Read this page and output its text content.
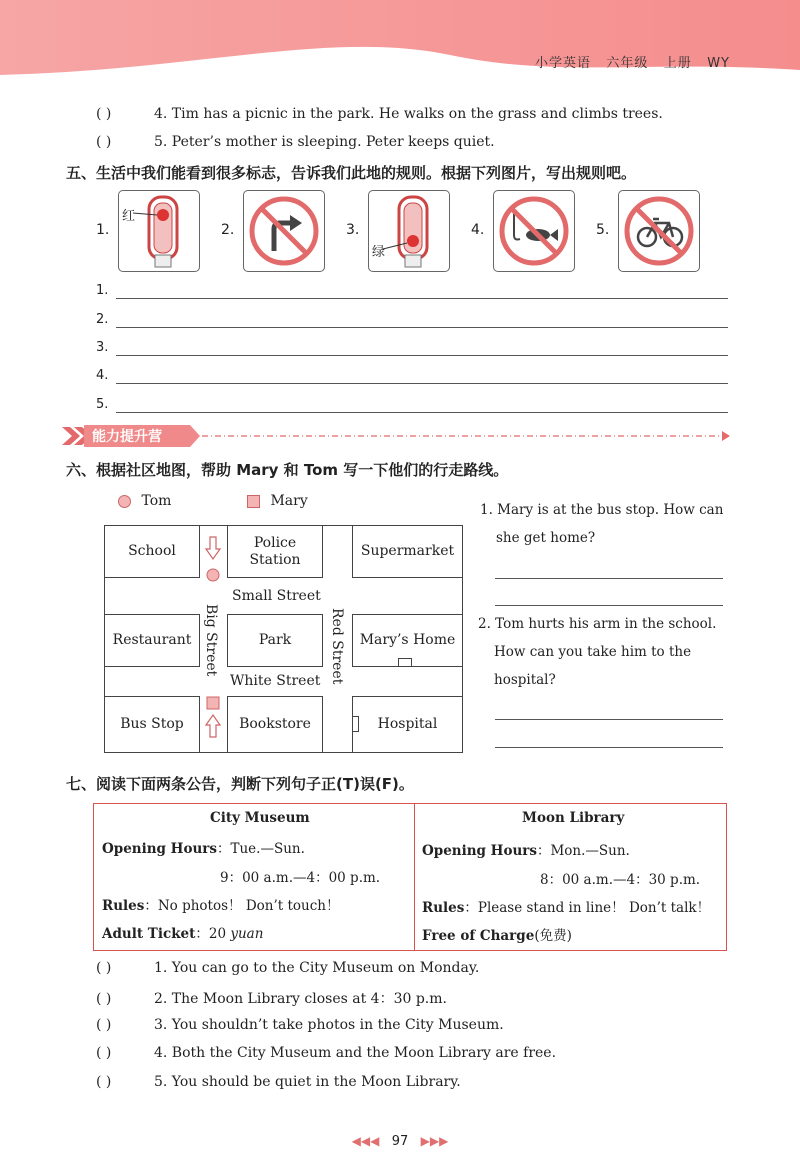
小学英语 六年级 上册 WY
( )	4. Tim has a picnic in the park. He walks on the grass and climbs trees.
( )	5. Peter’s mother is sleeping. Peter keeps quiet.
五、生活中我们能看到很多标志，告诉我们此地的规则。根据下列图片，写出规则吧。
1.
红
2.	3.
绿
4.	5.
1.
2.
3.
4.
5.
能力提升营
六、根据社区地图，帮助 Mary 和 Tom 写一下他们的行走路线。
Tom	Mary
School
Police
Station
Supermarket
Restaurant	Park	Mary’s Home
Bus Stop	Bookstore	Hospital
Small Street
White Street
Big Street	Red Street
1. Mary is at the bus stop. How can
she get home?
2. Tom hurts his arm in the school.
How can you take him to the
hospital?
七、阅读下面两条公告，判断下列句子正(T)误(F)。
City Museum
Opening Hours：Tue.—Sun.
9：00 a.m.—4：00 p.m.
Rules：No photos！ Don’t touch！
Adult Ticket：20 yuan
Moon Library
Opening Hours：Mon.—Sun.
8：00 a.m.—4：30 p.m.
Rules：Please stand in line！ Don’t talk！
Free of Charge(免费)
( )	1. You can go to the City Museum on Monday.
( )	2. The Moon Library closes at 4：30 p.m.
( )	3. You shouldn’t take photos in the City Museum.
( )	4. Both the City Museum and the Moon Library are free.
( )	5. You should be quiet in the Moon Library.
◀◀◀ 97 ▶▶▶
